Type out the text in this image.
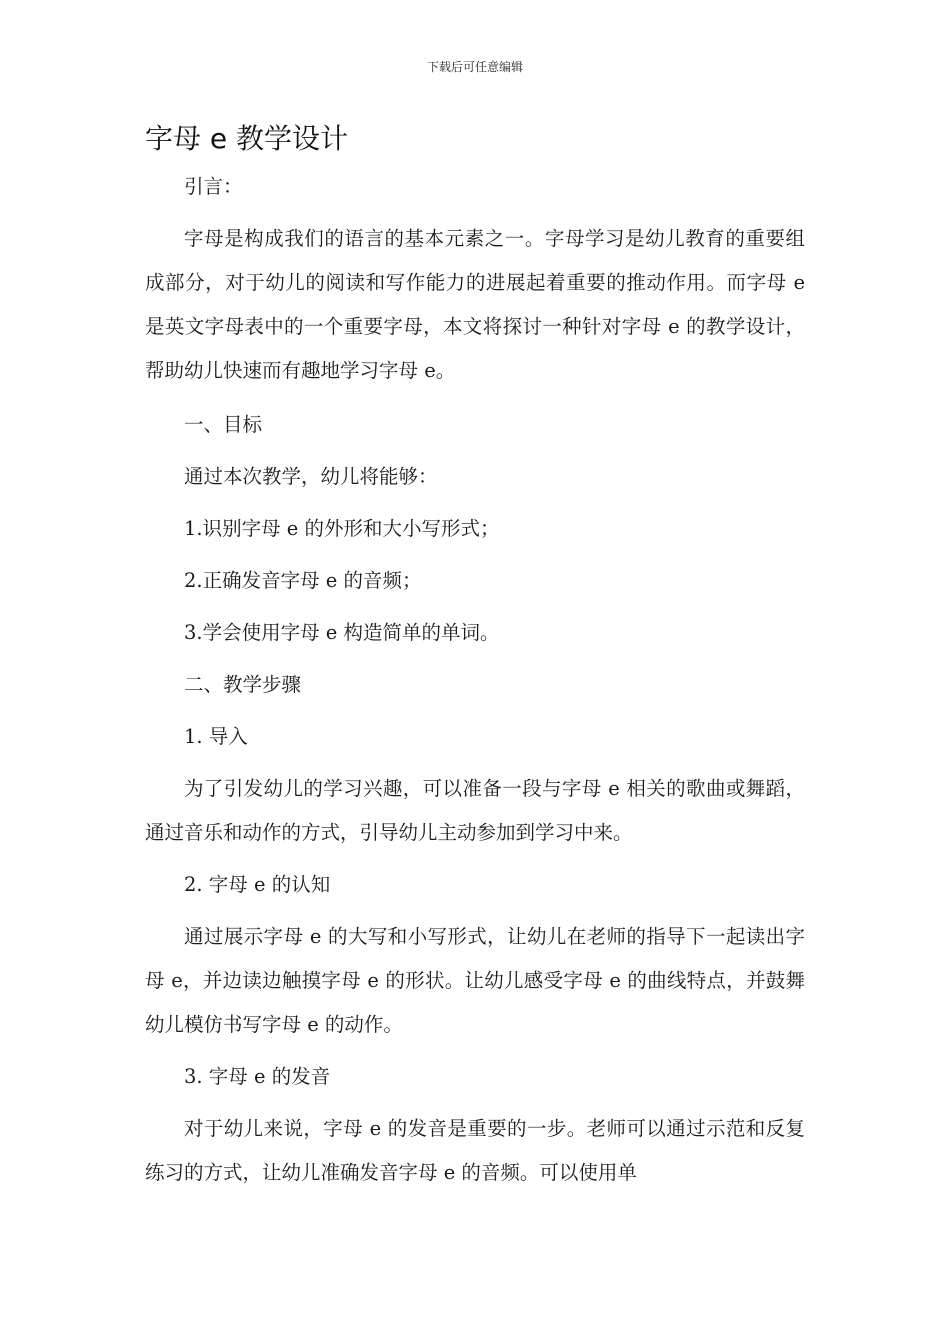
下载后可任意编辑
字母 e 教学设计

引言：

字母是构成我们的语言的基本元素之一。字母学习是幼儿教育的重要组成部分，对于幼儿的阅读和写作能力的进展起着重要的推动作用。而字母 e 是英文字母表中的一个重要字母，本文将探讨一种针对字母 e 的教学设计，帮助幼儿快速而有趣地学习字母 e。

一、目标

通过本次教学，幼儿将能够：

1.识别字母 e 的外形和大小写形式；

2.正确发音字母 e 的音频；

3.学会使用字母 e 构造简单的单词。

二、教学步骤

1. 导入

为了引发幼儿的学习兴趣，可以准备一段与字母 e 相关的歌曲或舞蹈，通过音乐和动作的方式，引导幼儿主动参加到学习中来。

2. 字母 e 的认知

通过展示字母 e 的大写和小写形式，让幼儿在老师的指导下一起读出字母 e，并边读边触摸字母 e 的形状。让幼儿感受字母 e 的曲线特点，并鼓舞幼儿模仿书写字母 e 的动作。

3. 字母 e 的发音

对于幼儿来说，字母 e 的发音是重要的一步。老师可以通过示范和反复练习的方式，让幼儿准确发音字母 e 的音频。可以使用单
